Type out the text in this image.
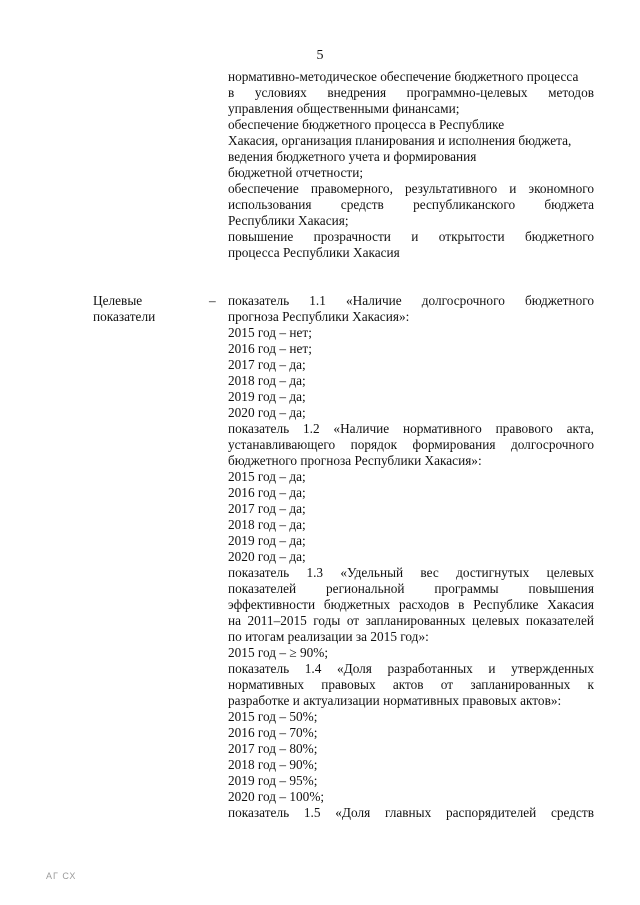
5
нормативно-методическое обеспечение бюджетного процесса
в условиях внедрения программно-целевых методов
управления общественными финансами;
обеспечение бюджетного процесса в Республике
Хакасия, организация планирования и исполнения бюджета,
ведения бюджетного учета и формирования
бюджетной отчетности;
обеспечение правомерного, результативного и экономного
использования средств республиканского бюджета
Республики Хакасия;
повышение прозрачности и открытости бюджетного
процесса Республики Хакасия
Целевые
показатели
– показатель 1.1 «Наличие долгосрочного бюджетного
прогноза Республики Хакасия»:
2015 год – нет;
2016 год – нет;
2017 год – да;
2018 год – да;
2019 год – да;
2020 год – да;
показатель 1.2 «Наличие нормативного правового акта,
устанавливающего порядок формирования долгосрочного
бюджетного прогноза Республики Хакасия»:
2015 год – да;
2016 год – да;
2017 год – да;
2018 год – да;
2019 год – да;
2020 год – да;
показатель 1.3 «Удельный вес достигнутых целевых
показателей региональной программы повышения
эффективности бюджетных расходов в Республике Хакасия
на 2011–2015 годы от запланированных целевых показателей
по итогам реализации за 2015 год»:
2015 год – ≥ 90%;
показатель 1.4 «Доля разработанных и утвержденных
нормативных правовых актов от запланированных к
разработке и актуализации нормативных правовых актов»:
2015 год – 50%;
2016 год – 70%;
2017 год – 80%;
2018 год – 90%;
2019 год – 95%;
2020 год – 100%;
показатель 1.5 «Доля главных распорядителей средств
АГ СХ
